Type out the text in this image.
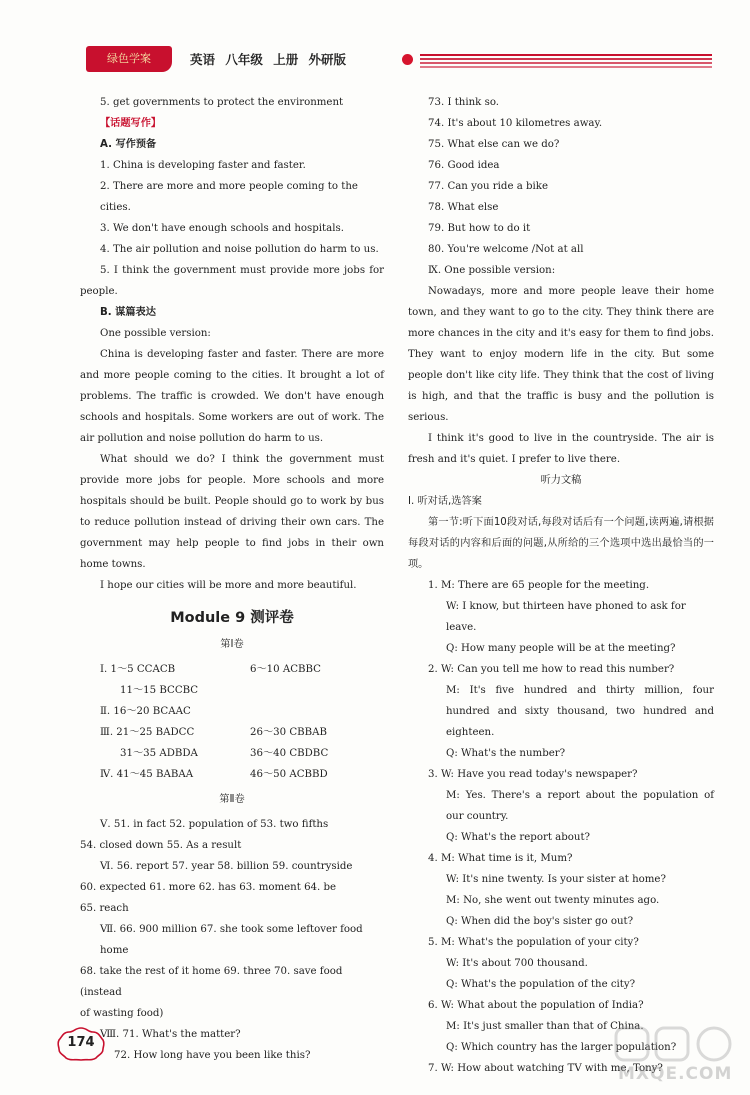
绿色学案	英语 八年级 上册 外研版

5. get governments to protect the environment

【话题写作】

A. 写作预备

1. China is developing faster and faster.

2. There are more and more people coming to the cities.

3. We don't have enough schools and hospitals.

4. The air pollution and noise pollution do harm to us.

5. I think the government must provide more jobs for people.

B. 谋篇表达

One possible version:

China is developing faster and faster. There are more and more people coming to the cities. It brought a lot of problems. The traffic is crowded. We don't have enough schools and hospitals. Some workers are out of work. The air pollution and noise pollution do harm to us.

What should we do? I think the government must provide more jobs for people. More schools and more hospitals should be built. People should go to work by bus to reduce pollution instead of driving their own cars. The government may help people to find jobs in their own home towns.

I hope our cities will be more and more beautiful.

Module 9 测评卷

第Ⅰ卷

Ⅰ. 1～5 CCACB	6～10 ACBBC

11～15 BCCBC

Ⅱ. 16～20 BCAAC

Ⅲ. 21～25 BADCC	26～30 CBBAB

31～35 ADBDA	36～40 CBDBC

Ⅳ. 41～45 BABAA	46～50 ACBBD

第Ⅱ卷

Ⅴ. 51. in fact 52. population of 53. two fifths

54. closed down 55. As a result

Ⅵ. 56. report 57. year 58. billion 59. countryside

60. expected 61. more 62. has 63. moment 64. be

65. reach

Ⅶ. 66. 900 million 67. she took some leftover food home

68. take the rest of it home 69. three 70. save food (instead

of wasting food)

Ⅷ. 71. What's the matter?

72. How long have you been like this?

73. I think so.

74. It's about 10 kilometres away.

75. What else can we do?

76. Good idea

77. Can you ride a bike

78. What else

79. But how to do it

80. You're welcome /Not at all

Ⅸ. One possible version:

Nowadays, more and more people leave their home town, and they want to go to the city. They think there are more chances in the city and it's easy for them to find jobs. They want to enjoy modern life in the city. But some people don't like city life. They think that the cost of living is high, and that the traffic is busy and the pollution is serious.

I think it's good to live in the countryside. The air is fresh and it's quiet. I prefer to live there.

听力文稿

Ⅰ. 听对话,选答案

第一节:听下面10段对话,每段对话后有一个问题,读两遍,请根据每段对话的内容和后面的问题,从所给的三个选项中选出最恰当的一项。

1. M: There are 65 people for the meeting.

W: I know, but thirteen have phoned to ask for leave.

Q: How many people will be at the meeting?

2. W: Can you tell me how to read this number?

M: It's five hundred and thirty million, four hundred and sixty thousand, two hundred and eighteen.

Q: What's the number?

3. W: Have you read today's newspaper?

M: Yes. There's a report about the population of our country.

Q: What's the report about?

4. M: What time is it, Mum?

W: It's nine twenty. Is your sister at home?

M: No, she went out twenty minutes ago.

Q: When did the boy's sister go out?

5. M: What's the population of your city?

W: It's about 700 thousand.

Q: What's the population of the city?

6. W: What about the population of India?

M: It's just smaller than that of China.

Q: Which country has the larger population?

7. W: How about watching TV with me, Tony?

174
MXQE.COM
